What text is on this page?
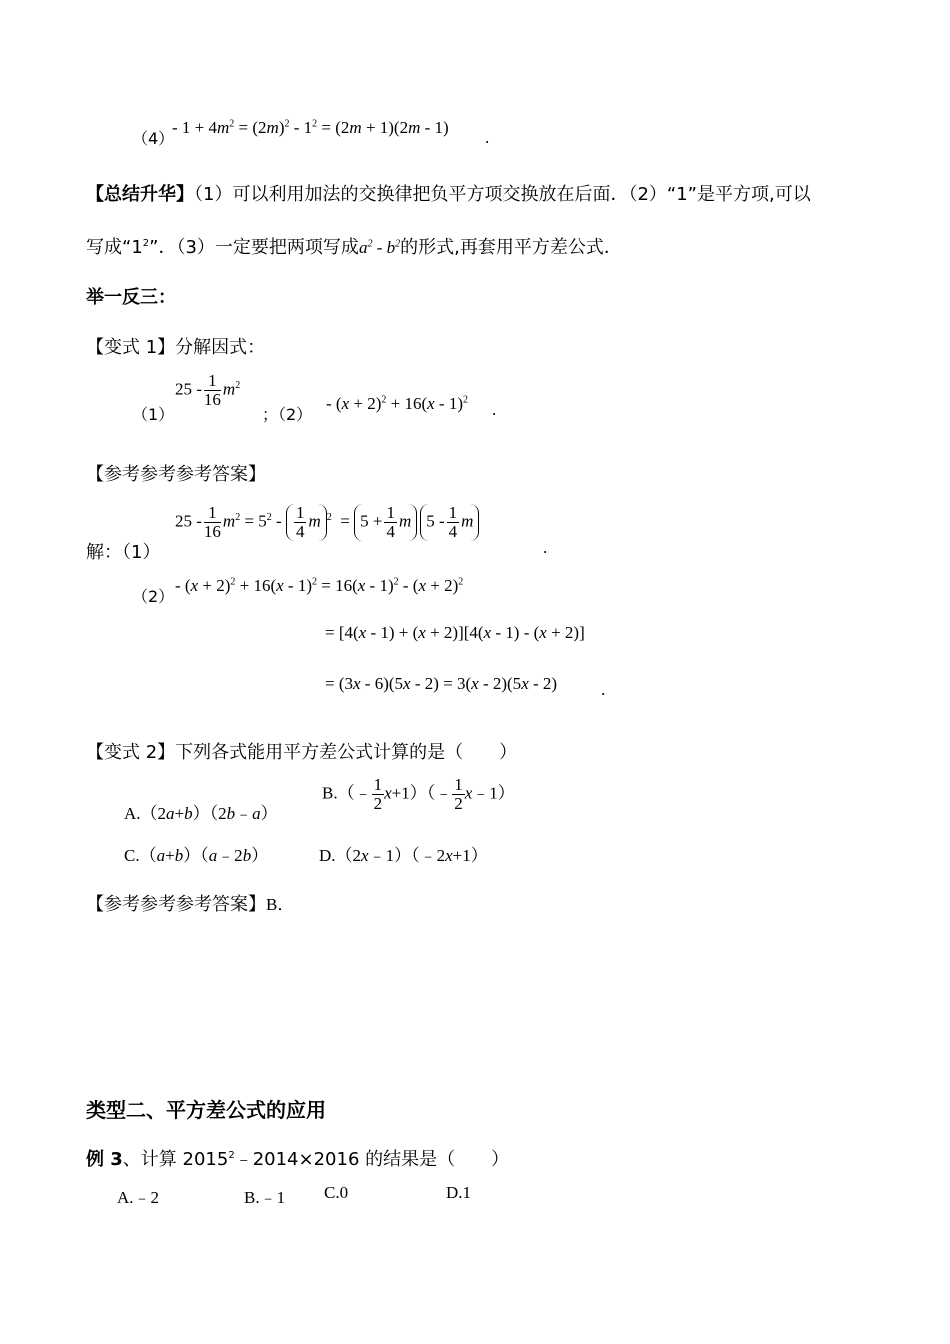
（4）
- $1 + 4m^2 = (2m)^2 - 1^2 = (2m + 1)(2m - 1)$
.
【总结升华】（1）可以利用加法的交换律把负平方项交换放在后面．（2）“1”是平方项,可以
写成“$1^2$”．（3）一定要把两项写成$a^2 - b^2$的形式,再套用平方差公式．
举一反三：
【变式 1】分解因式：
（1）
$25 - \frac{1}{16} m^2$
；（2）
- $(x + 2)^2 + 16(x - 1)^2$
.
【参考参考参考答案】
解：（1）
$25 - \frac{1}{16} m^2 = 5^2 - \frac{1}{4}$ m $^2 = 5 + \frac{1}{4}$ m $5 - \frac{1}{4}$ m
.
（2）
- $(x + 2)^2 + 16(x - 1)^2 = 16(x - 1)^2 - (x + 2)^2$
= [4(x - 1) + (x + 2)][4(x - 1) - (x + 2)]
= (3x - 6)(5x - 2) = 3(x - 2)(5x - 2)	.
【变式 2】下列各式能用平方差公式计算的是（　　）
A.（2a+b）（2b﹣a）
B.（﹣ $\frac{1}{2}$ x+1）（﹣ $\frac{1}{2}$ x﹣1）
C.（a+b）（a﹣2b）	D.（2x﹣1）（﹣2x+1）
【参考参考参考答案】B．
类型二、平方差公式的应用
例 3、计算 $2015^2﹣2014\times 2016$ 的结果是（　　）
A.﹣2	B.﹣1 C.0	D.1
